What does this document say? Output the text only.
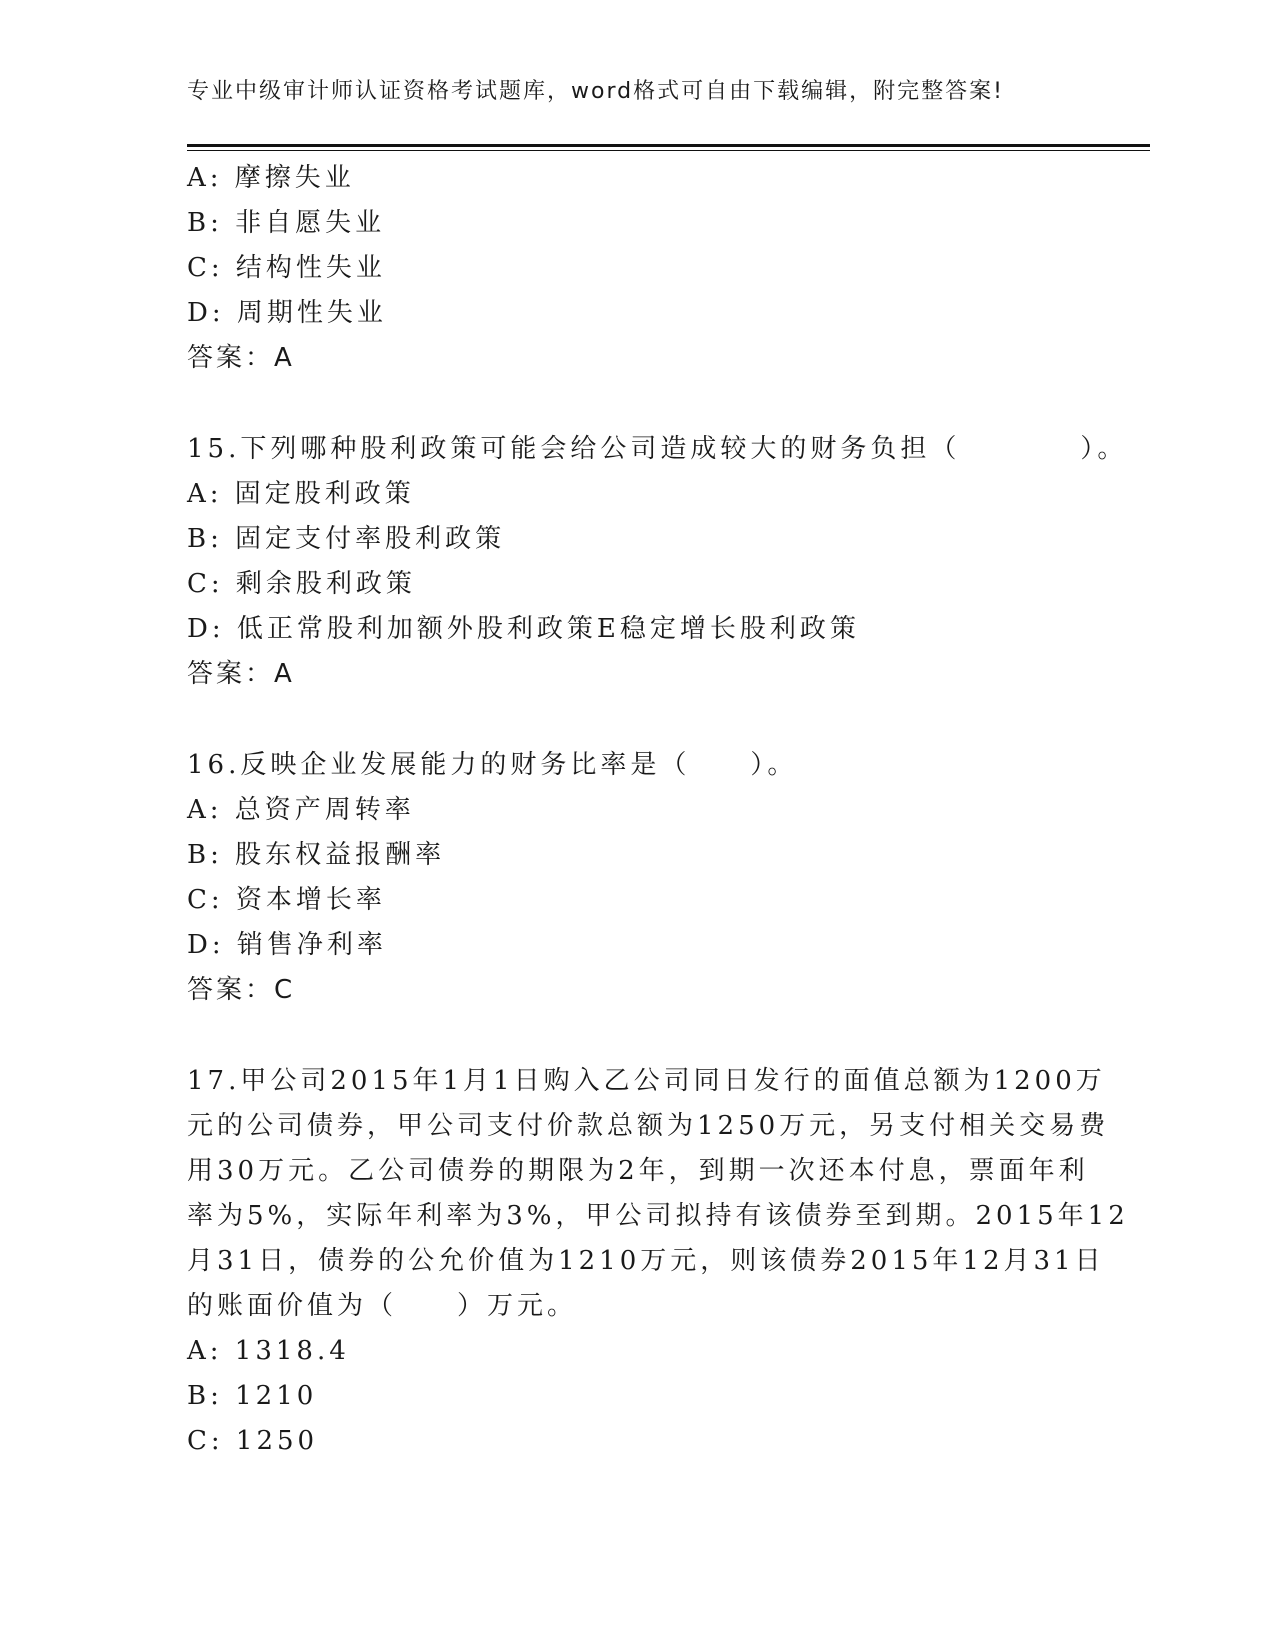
专业中级审计师认证资格考试题库，word格式可自由下载编辑，附完整答案!
A: 摩擦失业
B: 非自愿失业
C: 结构性失业
D: 周期性失业
答案：A
15.下列哪种股利政策可能会给公司造成较大的财务负担（　　　　）。
A: 固定股利政策
B: 固定支付率股利政策
C: 剩余股利政策
D: 低正常股利加额外股利政策E稳定增长股利政策
答案：A
16.反映企业发展能力的财务比率是（　　）。
A: 总资产周转率
B: 股东权益报酬率
C: 资本增长率
D: 销售净利率
答案：C
17.甲公司2015年1月1日购入乙公司同日发行的面值总额为1200万
元的公司债券，甲公司支付价款总额为1250万元，另支付相关交易费
用30万元。乙公司债券的期限为2年，到期一次还本付息，票面年利
率为5%，实际年利率为3%，甲公司拟持有该债券至到期。2015年12
月31日，债券的公允价值为1210万元，则该债券2015年12月31日
的账面价值为（　　）万元。
A: 1318.4
B: 1210
C: 1250
